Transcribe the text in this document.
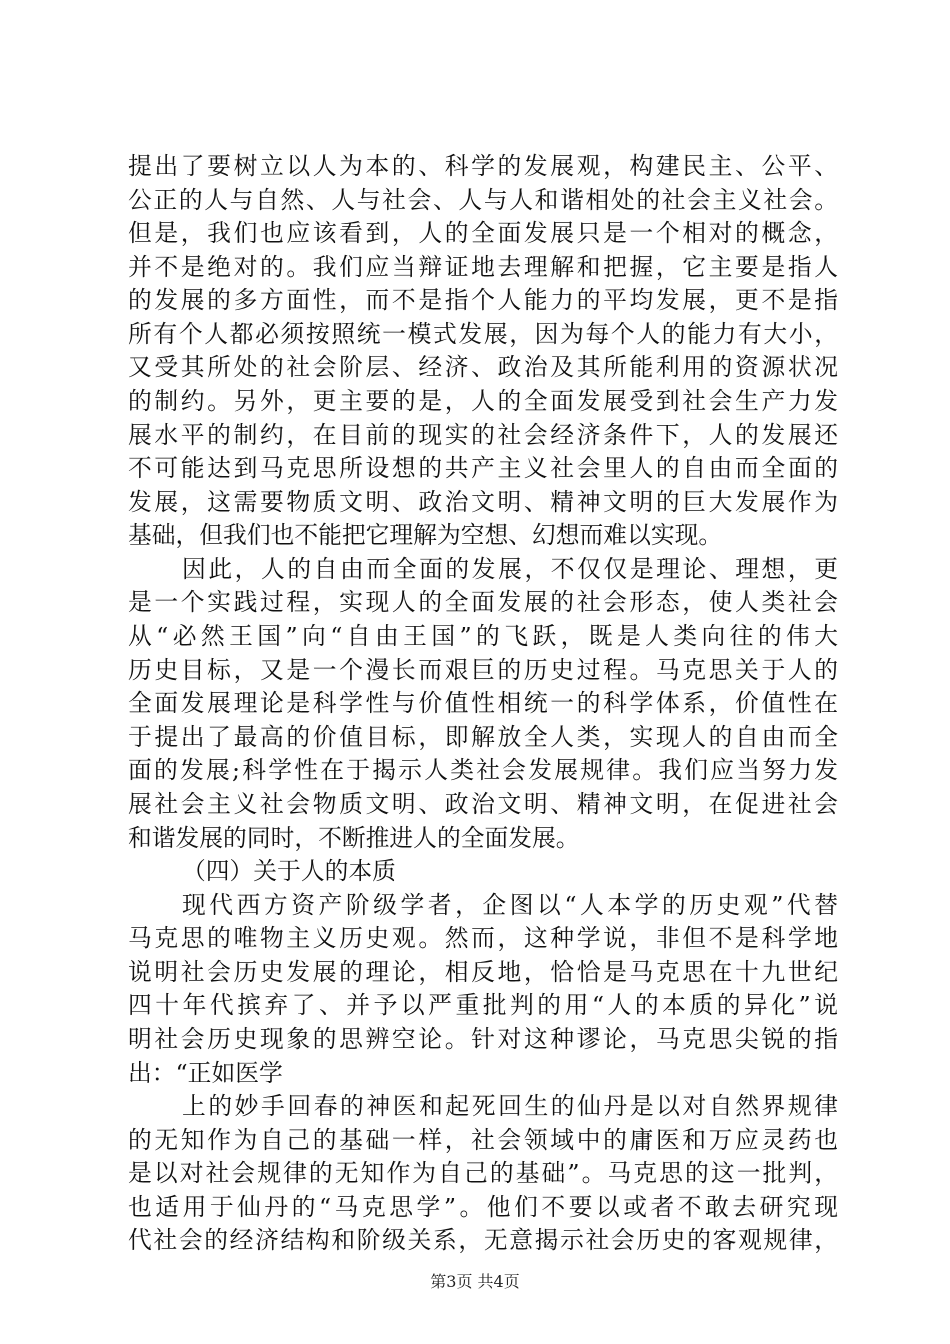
提出了要树立以人为本的、科学的发展观，构建民主、公平、
公正的人与自然、人与社会、人与人和谐相处的社会主义社会。
但是，我们也应该看到，人的全面发展只是一个相对的概念，
并不是绝对的。我们应当辩证地去理解和把握，它主要是指人
的发展的多方面性，而不是指个人能力的平均发展，更不是指
所有个人都必须按照统一模式发展，因为每个人的能力有大小，
又受其所处的社会阶层、经济、政治及其所能利用的资源状况
的制约。另外，更主要的是，人的全面发展受到社会生产力发
展水平的制约，在目前的现实的社会经济条件下，人的发展还
不可能达到马克思所设想的共产主义社会里人的自由而全面的
发展，这需要物质文明、政治文明、精神文明的巨大发展作为
基础，但我们也不能把它理解为空想、幻想而难以实现。
因此，人的自由而全面的发展，不仅仅是理论、理想，更
是一个实践过程，实现人的全面发展的社会形态，使人类社会
从“必然王国”向“自由王国”的飞跃，既是人类向往的伟大
历史目标，又是一个漫长而艰巨的历史过程。马克思关于人的
全面发展理论是科学性与价值性相统一的科学体系，价值性在
于提出了最高的价值目标，即解放全人类，实现人的自由而全
面的发展;科学性在于揭示人类社会发展规律。我们应当努力发
展社会主义社会物质文明、政治文明、精神文明，在促进社会
和谐发展的同时，不断推进人的全面发展。
（四）关于人的本质
现代西方资产阶级学者，企图以“人本学的历史观”代替
马克思的唯物主义历史观。然而，这种学说，非但不是科学地
说明社会历史发展的理论，相反地，恰恰是马克思在十九世纪
四十年代摈弃了、并予以严重批判的用“人的本质的异化”说
明社会历史现象的思辨空论。针对这种谬论，马克思尖锐的指
出：“正如医学
上的妙手回春的神医和起死回生的仙丹是以对自然界规律
的无知作为自己的基础一样，社会领域中的庸医和万应灵药也
第3页 共4页
是以对社会规律的无知作为自己的基础”。马克思的这一批判，
也适用于仙丹的“马克思学”。他们不要以或者不敢去研究现
代社会的经济结构和阶级关系，无意揭示社会历史的客观规律，
